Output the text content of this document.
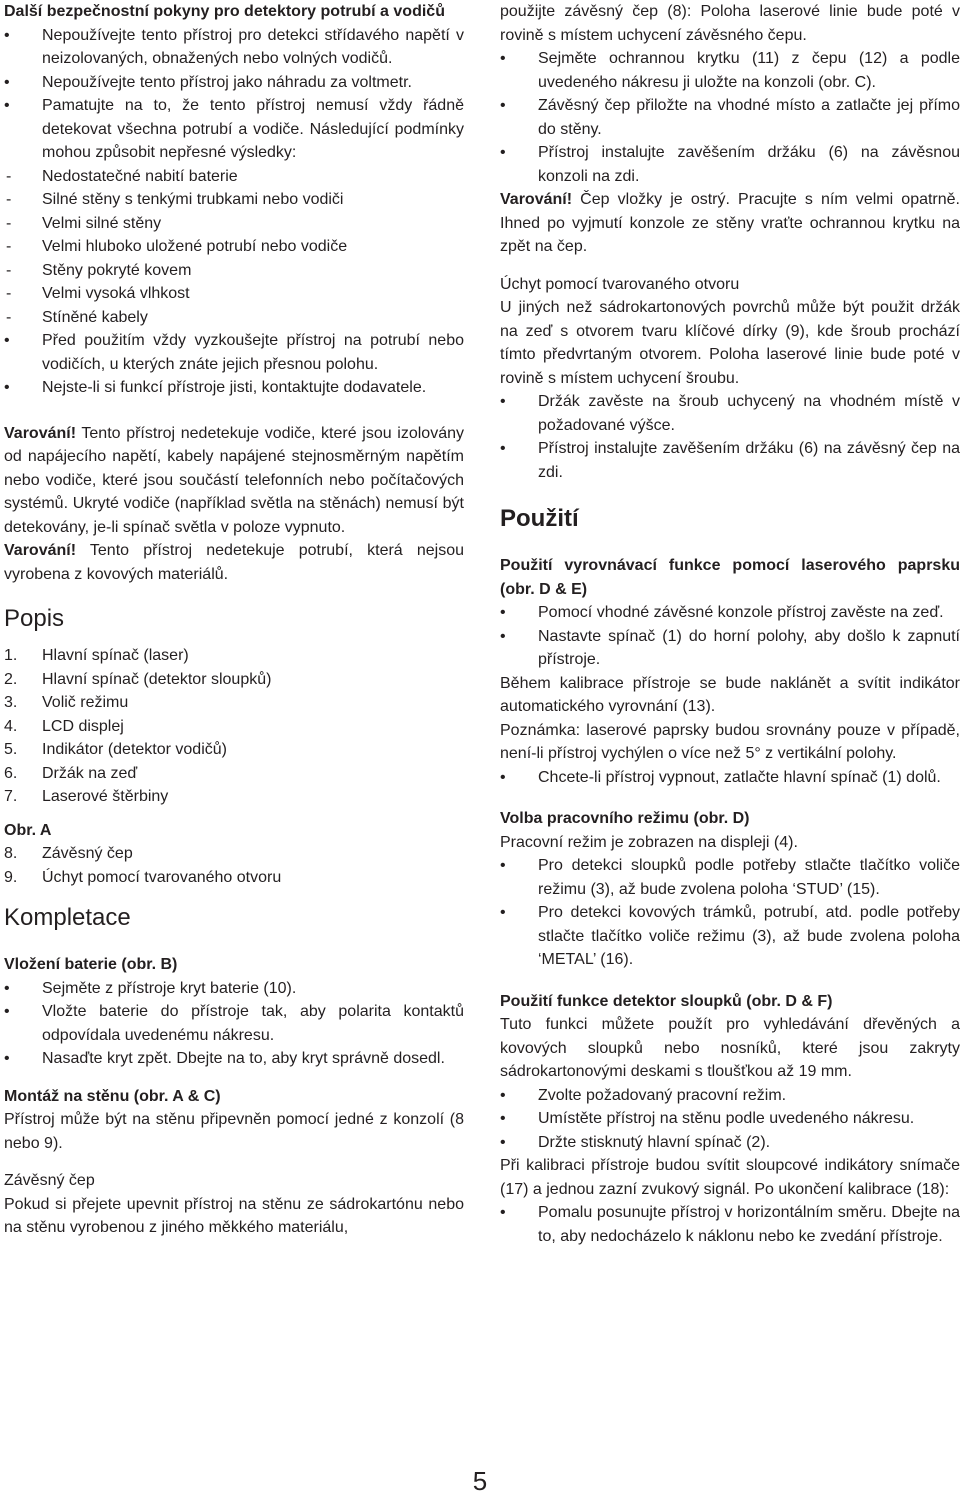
Další bezpečnostní pokyny pro detektory potrubí a vodičů

• Nepoužívejte tento přístroj pro detekci střídavého napětí v neizolovaných, obnažených nebo volných vodičů.
• Nepoužívejte tento přístroj jako náhradu za voltmetr.
• Pamatujte na to, že tento přístroj nemusí vždy řádně detekovat všechna potrubí a vodiče. Následující podmínky mohou způsobit nepřesné výsledky:
- Nedostatečné nabití baterie
- Silné stěny s tenkými trubkami nebo vodiči
- Velmi silné stěny
- Velmi hluboko uložené potrubí nebo vodiče
- Stěny pokryté kovem
- Velmi vysoká vlhkost
- Stíněné kabely
• Před použitím vždy vyzkoušejte přístroj na potrubí nebo vodičích, u kterých znáte jejich přesnou polohu.
• Nejste-li si funkcí přístroje jisti, kontaktujte dodavatele.

Varování! Tento přístroj nedetekuje vodiče, které jsou izolovány od napájecího napětí, kabely napájené stejnosměrným napětím nebo vodiče, které jsou součástí telefonních nebo počítačových systémů. Ukryté vodiče (například světla na stěnách) nemusí být detekovány, je-li spínač světla v poloze vypnuto.

Varování! Tento přístroj nedetekuje potrubí, která nejsou vyrobena z kovových materiálů.

Popis

1. Hlavní spínač (laser)
2. Hlavní spínač (detektor sloupků)
3. Volič režimu
4. LCD displej
5. Indikátor (detektor vodičů)
6. Držák na zeď
7. Laserové štěrbiny

Obr. A

8. Závěsný čep
9. Úchyt pomocí tvarovaného otvoru

Kompletace

Vložení baterie (obr. B)

• Sejměte z přístroje kryt baterie (10).
• Vložte baterie do přístroje tak, aby polarita kontaktů odpovídala uvedenému nákresu.
• Nasaďte kryt zpět. Dbejte na to, aby kryt správně dosedl.

Montáž na stěnu (obr. A & C)

Přístroj může být na stěnu připevněn pomocí jedné z konzolí (8 nebo 9).

Závěsný čep

Pokud si přejete upevnit přístroj na stěnu ze sádrokartónu nebo na stěnu vyrobenou z jiného měkkého materiálu,

použijte závěsný čep (8): Poloha laserové linie bude poté v rovině s místem uchycení závěsného čepu.

• Sejměte ochrannou krytku (11) z čepu (12) a podle uvedeného nákresu ji uložte na konzoli (obr. C).
• Závěsný čep přiložte na vhodné místo a zatlačte jej přímo do stěny.
• Přístroj instalujte zavěšením držáku (6) na závěsnou konzoli na zdi.

Varování! Čep vložky je ostrý. Pracujte s ním velmi opatrně. Ihned po vyjmutí konzole ze stěny vraťte ochrannou krytku na zpět na čep.

Úchyt pomocí tvarovaného otvoru

U jiných než sádrokartonových povrchů může být použit držák na zeď s otvorem tvaru klíčové dírky (9), kde šroub prochází tímto předvrtaným otvorem. Poloha laserové linie bude poté v rovině s místem uchycení šroubu.

• Držák zavěste na šroub uchycený na vhodném místě v požadované výšce.
• Přístroj instalujte zavěšením držáku (6) na závěsný čep na zdi.

Použití

Použití vyrovnávací funkce pomocí laserového paprsku (obr. D & E)

• Pomocí vhodné závěsné konzole přístroj zavěste na zeď.
• Nastavte spínač (1) do horní polohy, aby došlo k zapnutí přístroje.

Během kalibrace přístroje se bude naklánět a svítit indikátor automatického vyrovnání (13).

Poznámka: laserové paprsky budou srovnány pouze v případě, není-li přístroj vychýlen o více než 5° z vertikální polohy.

• Chcete-li přístroj vypnout, zatlačte hlavní spínač (1) dolů.

Volba pracovního režimu (obr. D)

Pracovní režim je zobrazen na displeji (4).

• Pro detekci sloupků podle potřeby stlačte tlačítko voliče režimu (3), až bude zvolena poloha ‘STUD’ (15).
• Pro detekci kovových trámků, potrubí, atd. podle potřeby stlačte tlačítko voliče režimu (3), až bude zvolena poloha ‘METAL’ (16).

Použití funkce detektor sloupků (obr. D & F)

Tuto funkci můžete použít pro vyhledávání dřevěných a kovových sloupků nebo nosníků, které jsou zakryty sádrokartonovými deskami s tloušťkou až 19 mm.

• Zvolte požadovaný pracovní režim.
• Umístěte přístroj na stěnu podle uvedeného nákresu.
• Držte stisknutý hlavní spínač (2).

Při kalibraci přístroje budou svítit sloupcové indikátory snímače (17) a jednou zazní zvukový signál. Po ukončení kalibrace (18):

• Pomalu posunujte přístroj v horizontálním směru. Dbejte na to, aby nedocházelo k náklonu nebo ke zvedání přístroje.
5
